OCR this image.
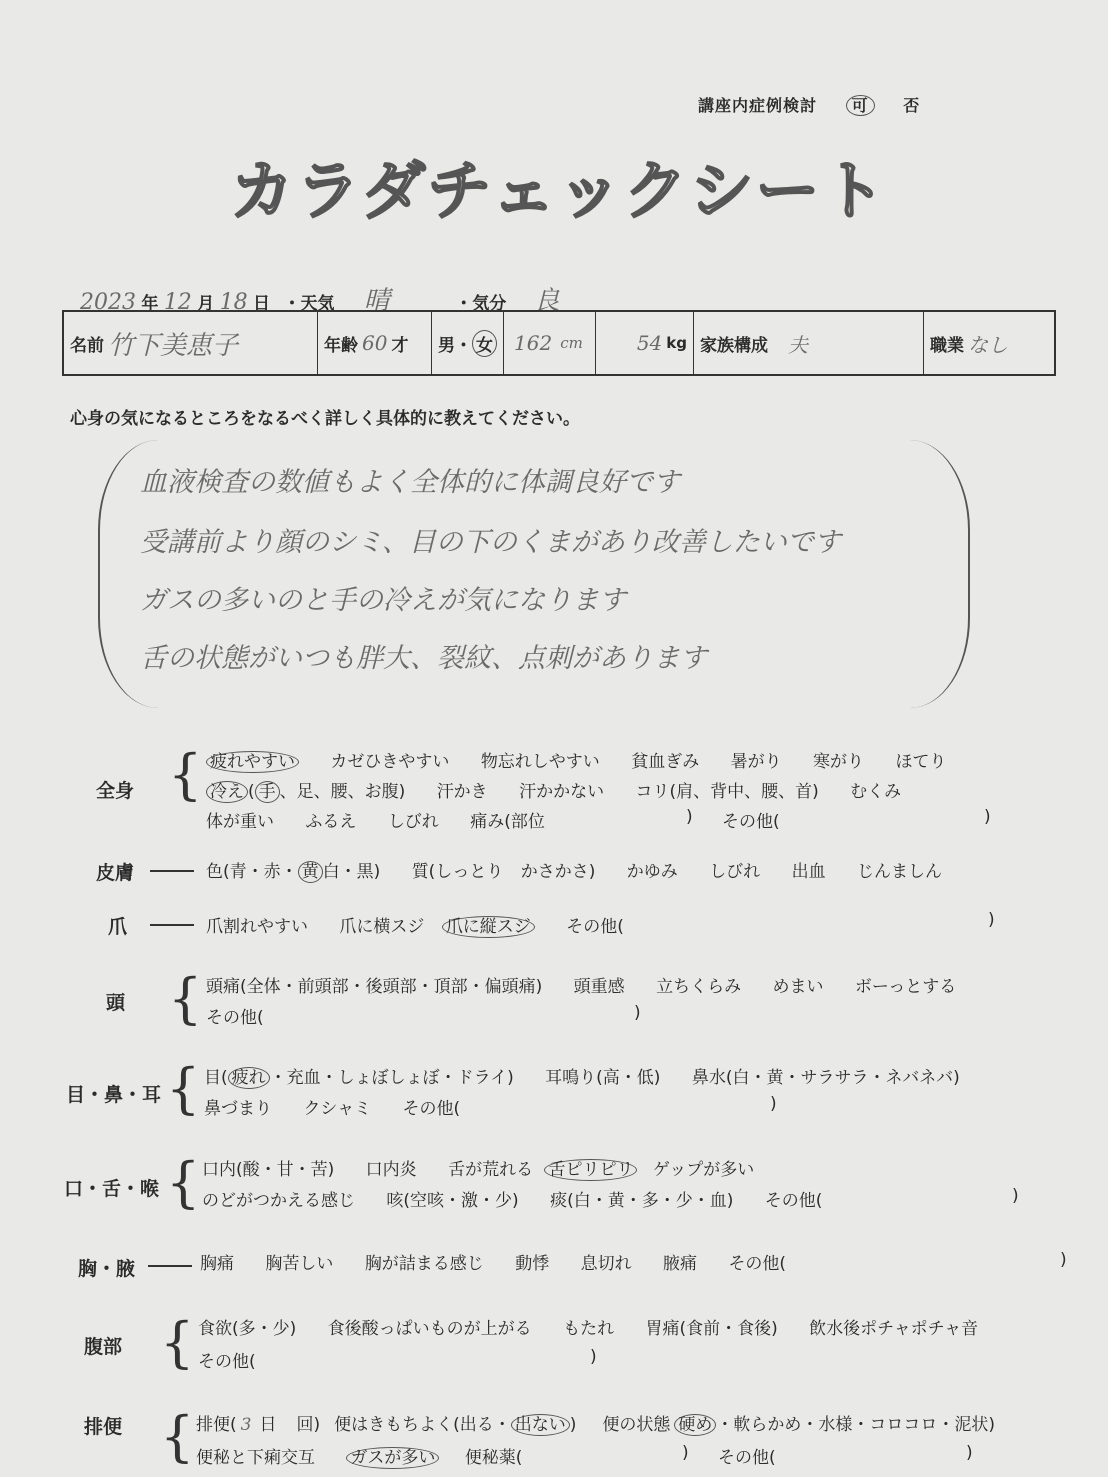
講座内症例検討 可 否
カラダチェックシート
2023 年 12 月 18 日 ・天気 晴	・気分 良
名前 竹下美恵子	年齢 60 才 男 ・ 女 162 cm	54 kg 家族構成 夫	職業 なし
心身の気になるところをなるべく詳しく具体的に教えてください。
血液検査の数値もよく全体的に体調良好です
受講前より顔のシミ、目の下のくまがあり改善したいです
ガスの多いのと手の冷えが気になります
舌の状態がいつも胖大、裂紋、点刺があります
全身 { 疲れやすい カゼひきやすい 物忘れしやすい 貧血ぎみ 暑がり 寒がり ほてり
冷え ( 手 、足、腰、お腹) 汗かき 汗かかない コリ(肩、背中、腰、首) むくみ
体が重い ふるえ しびれ 痛み(部位	) その他(	)
皮膚	色(青・赤・ 黄 白・黒) 質(しっとり かさかさ) かゆみ しびれ 出血 じんましん
爪	爪割れやすい 爪に横スジ 爪に縦スジ その他(	)
頭 { 頭痛(全体・前頭部・後頭部・頂部・偏頭痛) 頭重感 立ちくらみ めまい ボーっとする
その他(	)
目・鼻・耳 { 目( 疲れ ・充血・しょぼしょぼ・ドライ) 耳鳴り(高・低) 鼻水(白・黄・サラサラ・ネバネバ)
鼻づまり クシャミ その他(	)
口・舌・喉 { 口内(酸・甘・苦) 口内炎 舌が荒れる 舌ピリピリ ゲップが多い
のどがつかえる感じ 咳(空咳・激・少) 痰(白・黄・多・少・血) その他(	)
胸・腋	胸痛 胸苦しい 胸が詰まる感じ 動悸 息切れ 腋痛 その他(	)
腹部 { 食欲(多・少) 食後酸っぱいものが上がる もたれ 胃痛(食前・食後) 飲水後ポチャポチャ音
その他(	)
排便 { 排便( 3 日 回) 便はきもちよく(出る・ 出ない ) 便の状態 硬め ・軟らかめ・水様・コロコロ・泥状)
便秘と下痢交互 ガスが多い 便秘薬(	) その他(	)
